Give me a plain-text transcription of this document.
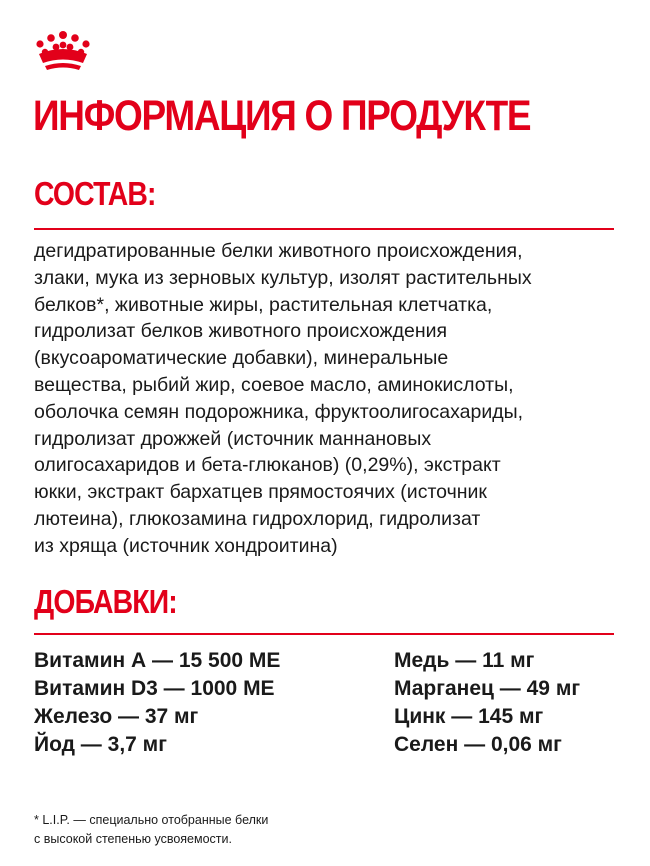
ИНФОРМАЦИЯ О ПРОДУКТЕ
СОСТАВ:
дегидратированные белки животного происхождения,
злаки, мука из зерновых культур, изолят растительных
белков*, животные жиры, растительная клетчатка,
гидролизат белков животного происхождения
(вкусоароматические добавки), минеральные
вещества, рыбий жир, соевое масло, аминокислоты,
оболочка семян подорожника, фруктоолигосахариды,
гидролизат дрожжей (источник маннановых
олигосахаридов и бета-глюканов) (0,29%), экстракт
юкки, экстракт бархатцев прямостоячих (источник
лютеина), глюкозамина гидрохлорид, гидролизат
из хряща (источник хондроитина)
ДОБАВКИ:
Витамин А — 15 500 МЕ
Витамин D3 — 1000 МЕ
Железо — 37 мг
Йод — 3,7 мг
Медь — 11 мг
Марганец — 49 мг
Цинк — 145 мг
Селен — 0,06 мг
* L.I.P. — специально отобранные белки
с высокой степенью усвояемости.
